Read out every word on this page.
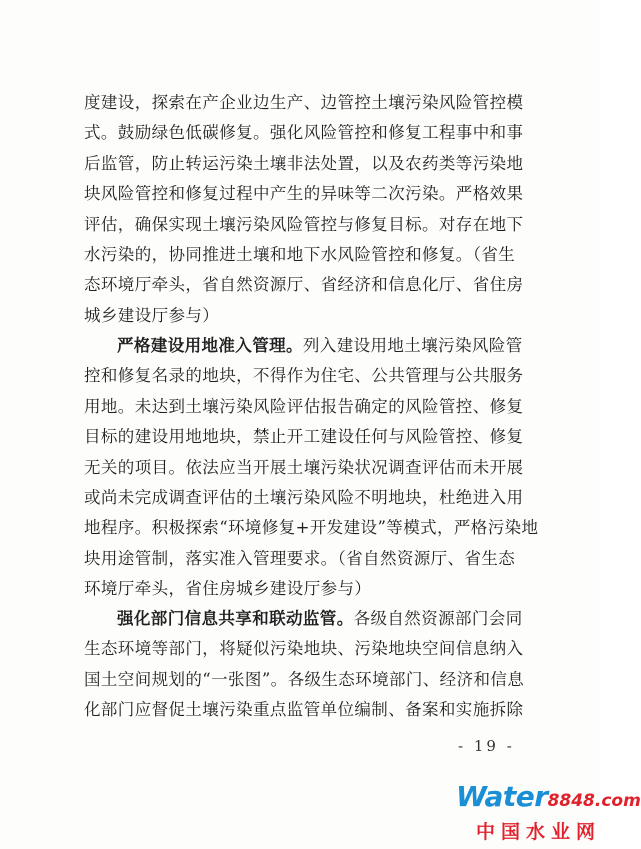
度建设，探索在产企业边生产、边管控土壤污染风险管控模
式。鼓励绿色低碳修复。强化风险管控和修复工程事中和事
后监管，防止转运污染土壤非法处置，以及农药类等污染地
块风险管控和修复过程中产生的异味等二次污染。严格效果
评估，确保实现土壤污染风险管控与修复目标。对存在地下
水污染的，协同推进土壤和地下水风险管控和修复。（省生
态环境厅牵头，省自然资源厅、省经济和信息化厅、省住房
城乡建设厅参与）
严格建设用地准入管理。列入建设用地土壤污染风险管
控和修复名录的地块，不得作为住宅、公共管理与公共服务
用地。未达到土壤污染风险评估报告确定的风险管控、修复
目标的建设用地地块，禁止开工建设任何与风险管控、修复
无关的项目。依法应当开展土壤污染状况调查评估而未开展
或尚未完成调查评估的土壤污染风险不明地块，杜绝进入用
地程序。积极探索“环境修复+开发建设”等模式，严格污染地
块用途管制，落实准入管理要求。（省自然资源厅、省生态
环境厅牵头，省住房城乡建设厅参与）
强化部门信息共享和联动监管。各级自然资源部门会同
生态环境等部门，将疑似污染地块、污染地块空间信息纳入
国土空间规划的“一张图”。各级生态环境部门、经济和信息
化部门应督促土壤污染重点监管单位编制、备案和实施拆除
- 19 -
Water8848.com
中国水业网
